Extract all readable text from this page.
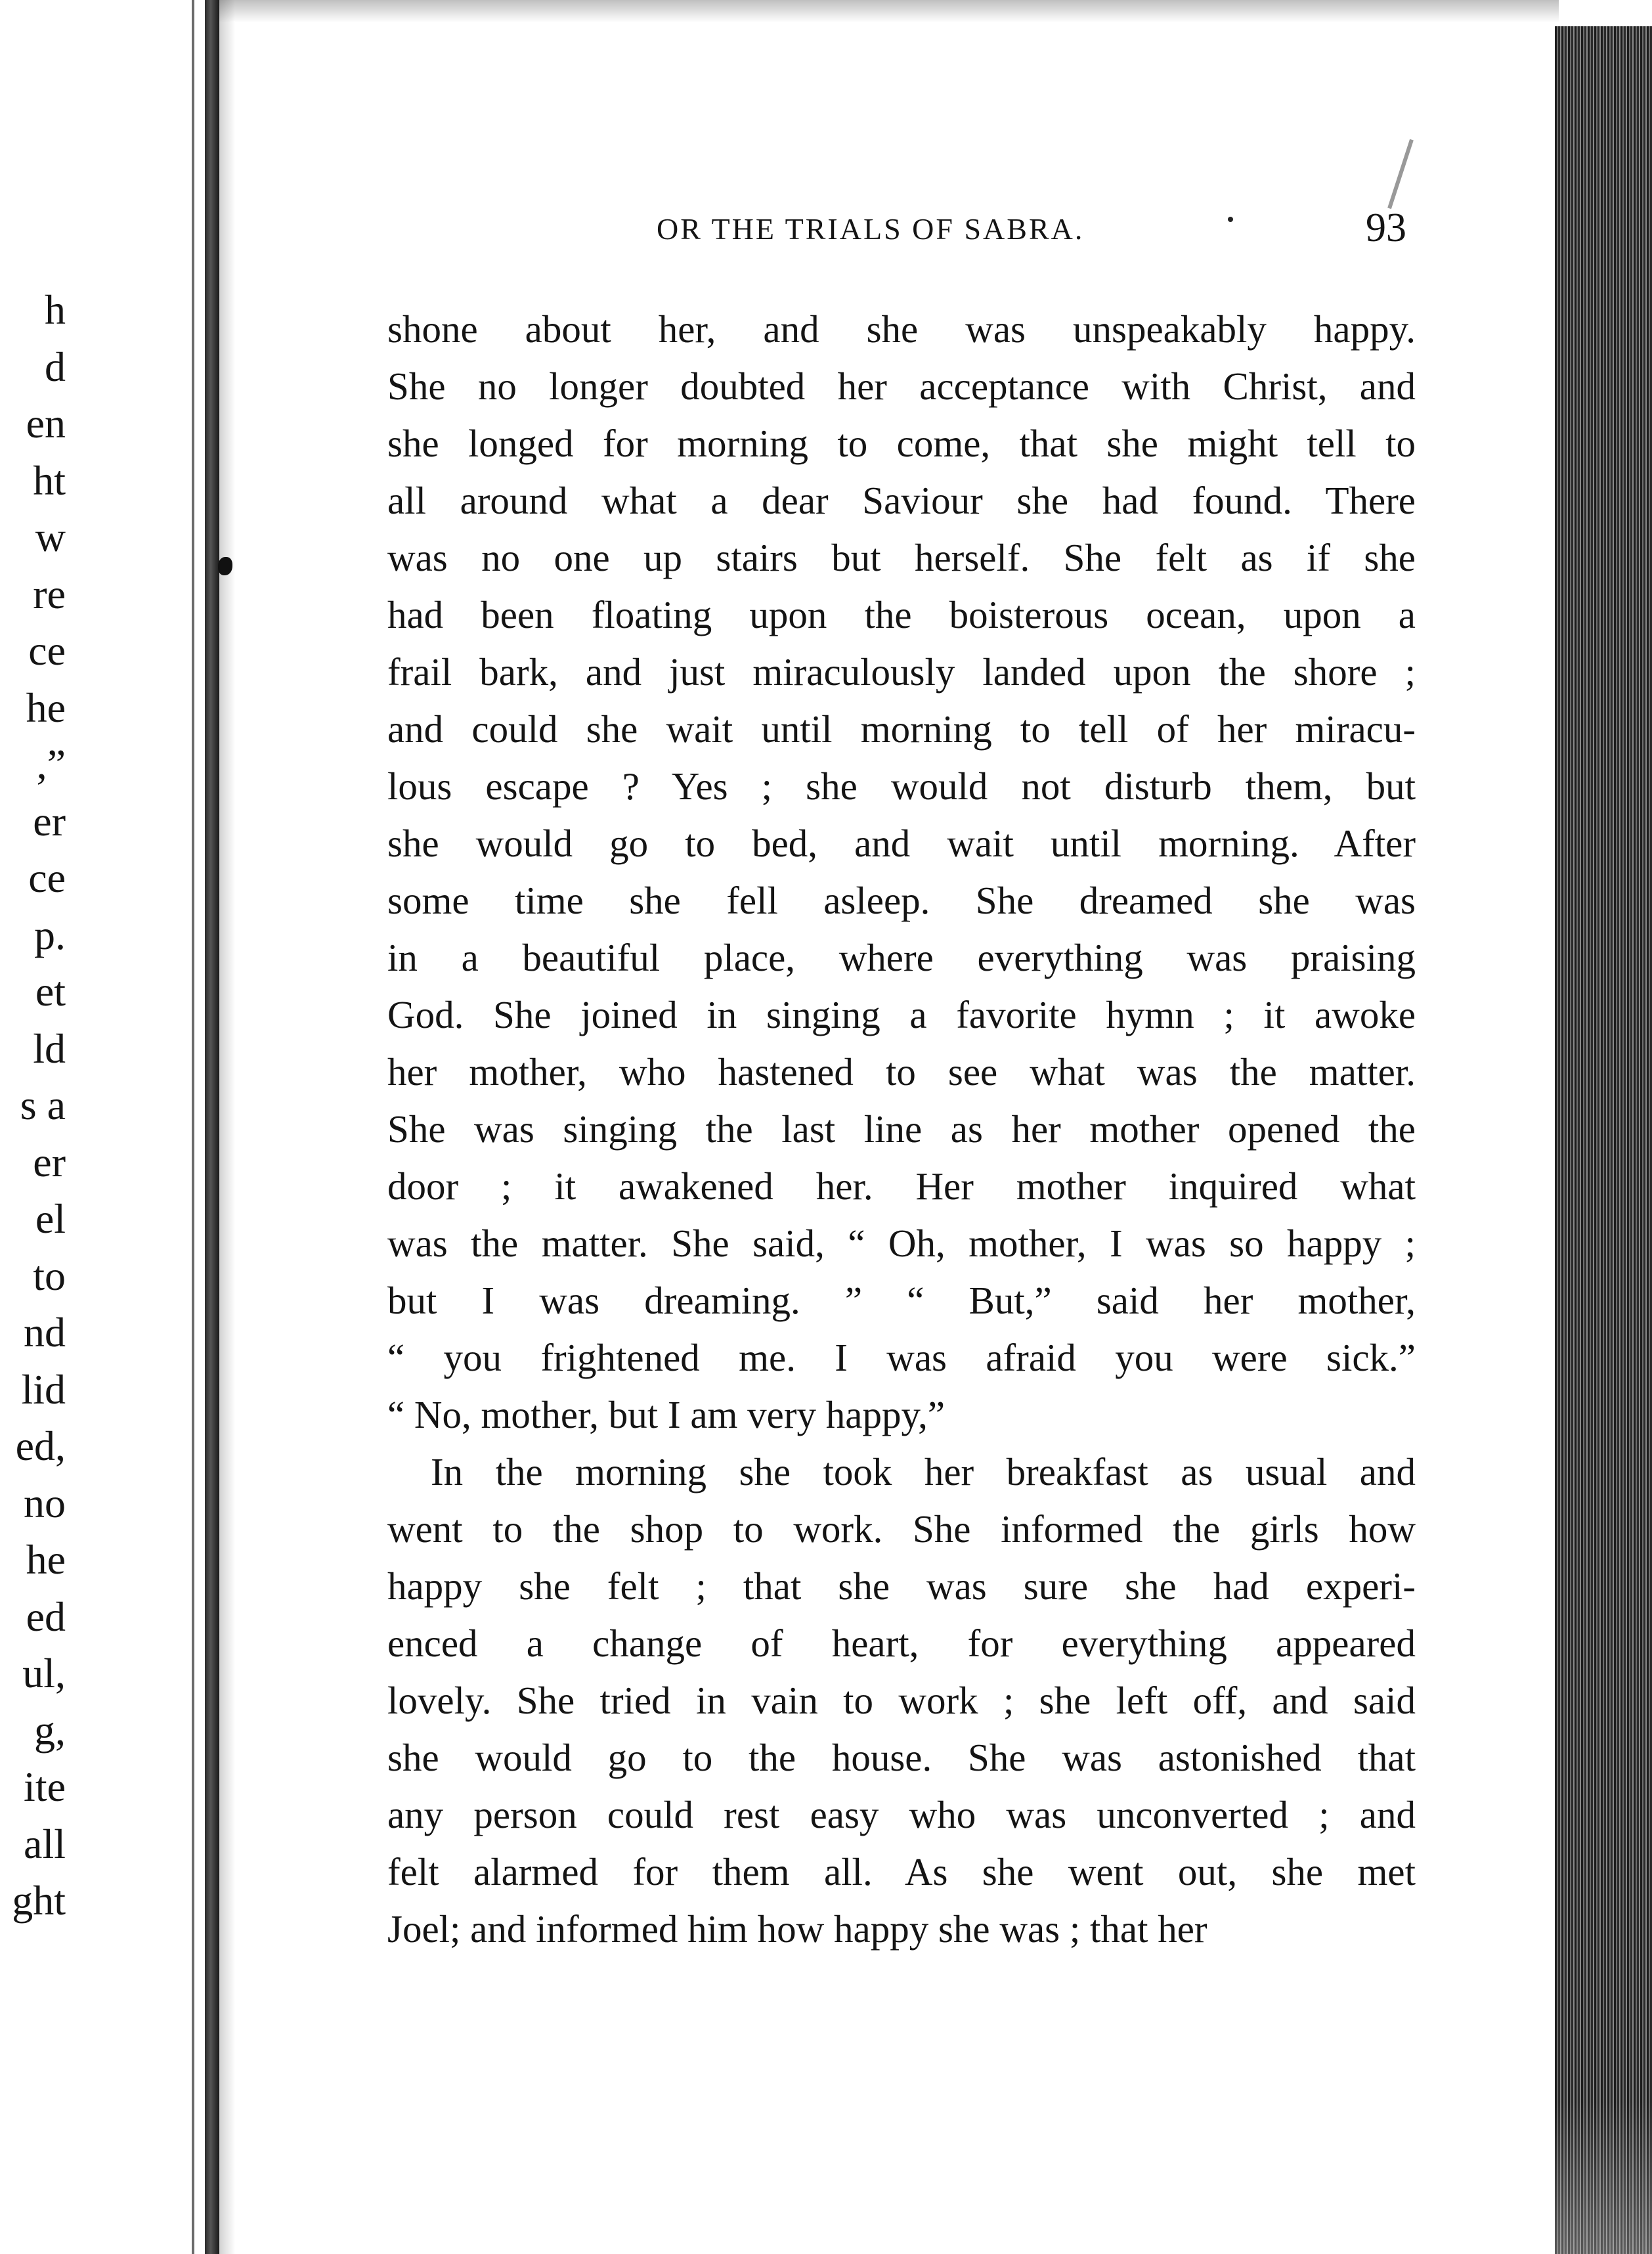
h
d
en
ht
w
re
ce
he
,”
er
ce
p.
et
ld
s a
er
el
to
nd
lid
ed,
no
he
ed
ul,
g,
ite
all
ght
OR THE TRIALS OF SABRA.	93
shone about her, and she was unspeakably happy.
She no longer doubted her acceptance with Christ, and
she longed for morning to come, that she might tell to
all around what a dear Saviour she had found. There
was no one up stairs but herself. She felt as if she
had been floating upon the boisterous ocean, upon a
frail bark, and just miraculously landed upon the shore ;
and could she wait until morning to tell of her miracu-
lous escape ? Yes ; she would not disturb them, but
she would go to bed, and wait until morning. After
some time she fell asleep. She dreamed she was
in a beautiful place, where everything was praising
God. She joined in singing a favorite hymn ; it awoke
her mother, who hastened to see what was the matter.
She was singing the last line as her mother opened the
door ; it awakened her. Her mother inquired what
was the matter. She said, “ Oh, mother, I was so happy ;
but I was dreaming. ” “ But,” said her mother,
“ you frightened me. I was afraid you were sick.”
“ No, mother, but I am very happy,”
In the morning she took her breakfast as usual and
went to the shop to work. She informed the girls how
happy she felt ; that she was sure she had experi-
enced a change of heart, for everything appeared
lovely. She tried in vain to work ; she left off, and said
she would go to the house. She was astonished that
any person could rest easy who was unconverted ; and
felt alarmed for them all. As she went out, she met
Joel; and informed him how happy she was ; that her
